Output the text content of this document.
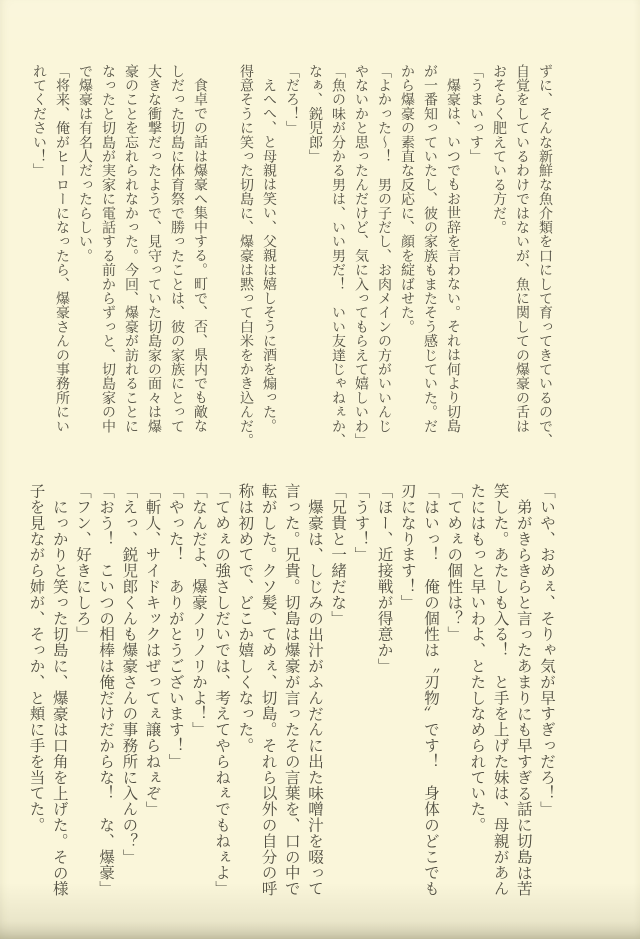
ずに、そんな新鮮な魚介類を口にして育ってきているので、
自覚をしているわけではないが、魚に関しての爆豪の舌は
おそらく肥えている方だ。
「うまいっす」
爆豪は、いつでもお世辞を言わない。それは何より切島
が一番知っていたし、彼の家族もまたそう感じていた。だ
から爆豪の素直な反応に、顔を綻ばせた。
「よかった～！　男の子だし、お肉メインの方がいいんじ
やないかと思ったんだけど、気に入ってもらえて嬉しいわ」
「魚の味が分かる男は、いい男だ！　いい友達じゃねぇか、
なぁ、鋭児郎」
「だろ！」
えへへ、と母親は笑い、父親は嬉しそうに酒を煽った。
得意そうに笑った切島に、爆豪は黙って白米をかき込んだ。

食卓での話は爆豪へ集中する。町で、否、県内でも敵な
しだった切島に体育祭で勝ったことは、彼の家族にとって
大きな衝撃だったようで、見守っていた切島家の面々は爆
豪のことを忘れられなかった。今回、爆豪が訪れることに
なったと切島が実家に電話する前からずっと、切島家の中
で爆豪は有名人だったらしい。
「将来、俺がヒーローになったら、爆豪さんの事務所にい
れてください！」
「いや、おめぇ、そりゃ気が早すぎっだろ！」
弟がきらきらと言ったあまりにも早すぎる話に切島は苦
笑した。あたしも入る！　と手を上げた妹は、母親があん
たにはもっと早いわよ、とたしなめられていた。
「てめぇの個性は？」
「はいっ！　俺の個性は〝刃物〟です！　身体のどこでも
刃になります！」
「ほー、近接戦が得意か」
「うす！」
「兄貴と一緒だな」
爆豪は、しじみの出汁がふんだんに出た味噌汁を啜って
言った。兄貴。切島は爆豪が言ったその言葉を、口の中で
転がした。クソ髪、てめぇ、切島。それら以外の自分の呼
称は初めてで、どこか嬉しくなった。
「てめぇの強さしだいでは、考えてやらねぇでもねぇよ」
「なんだよ、爆豪ノリノリかよ！」
「やった！　ありがとうございます！」
「斬人、サイドキックはぜってぇ譲らねぇぞ」
「えっ、鋭児郎くんも爆豪さんの事務所に入んの？」
「おう！　こいつの相棒は俺だけだからな！　な、爆豪」
「フン、好きにしろ」
にっかりと笑った切島に、爆豪は口角を上げた。その様
子を見ながら姉が、そっか、と頬に手を当てた。
